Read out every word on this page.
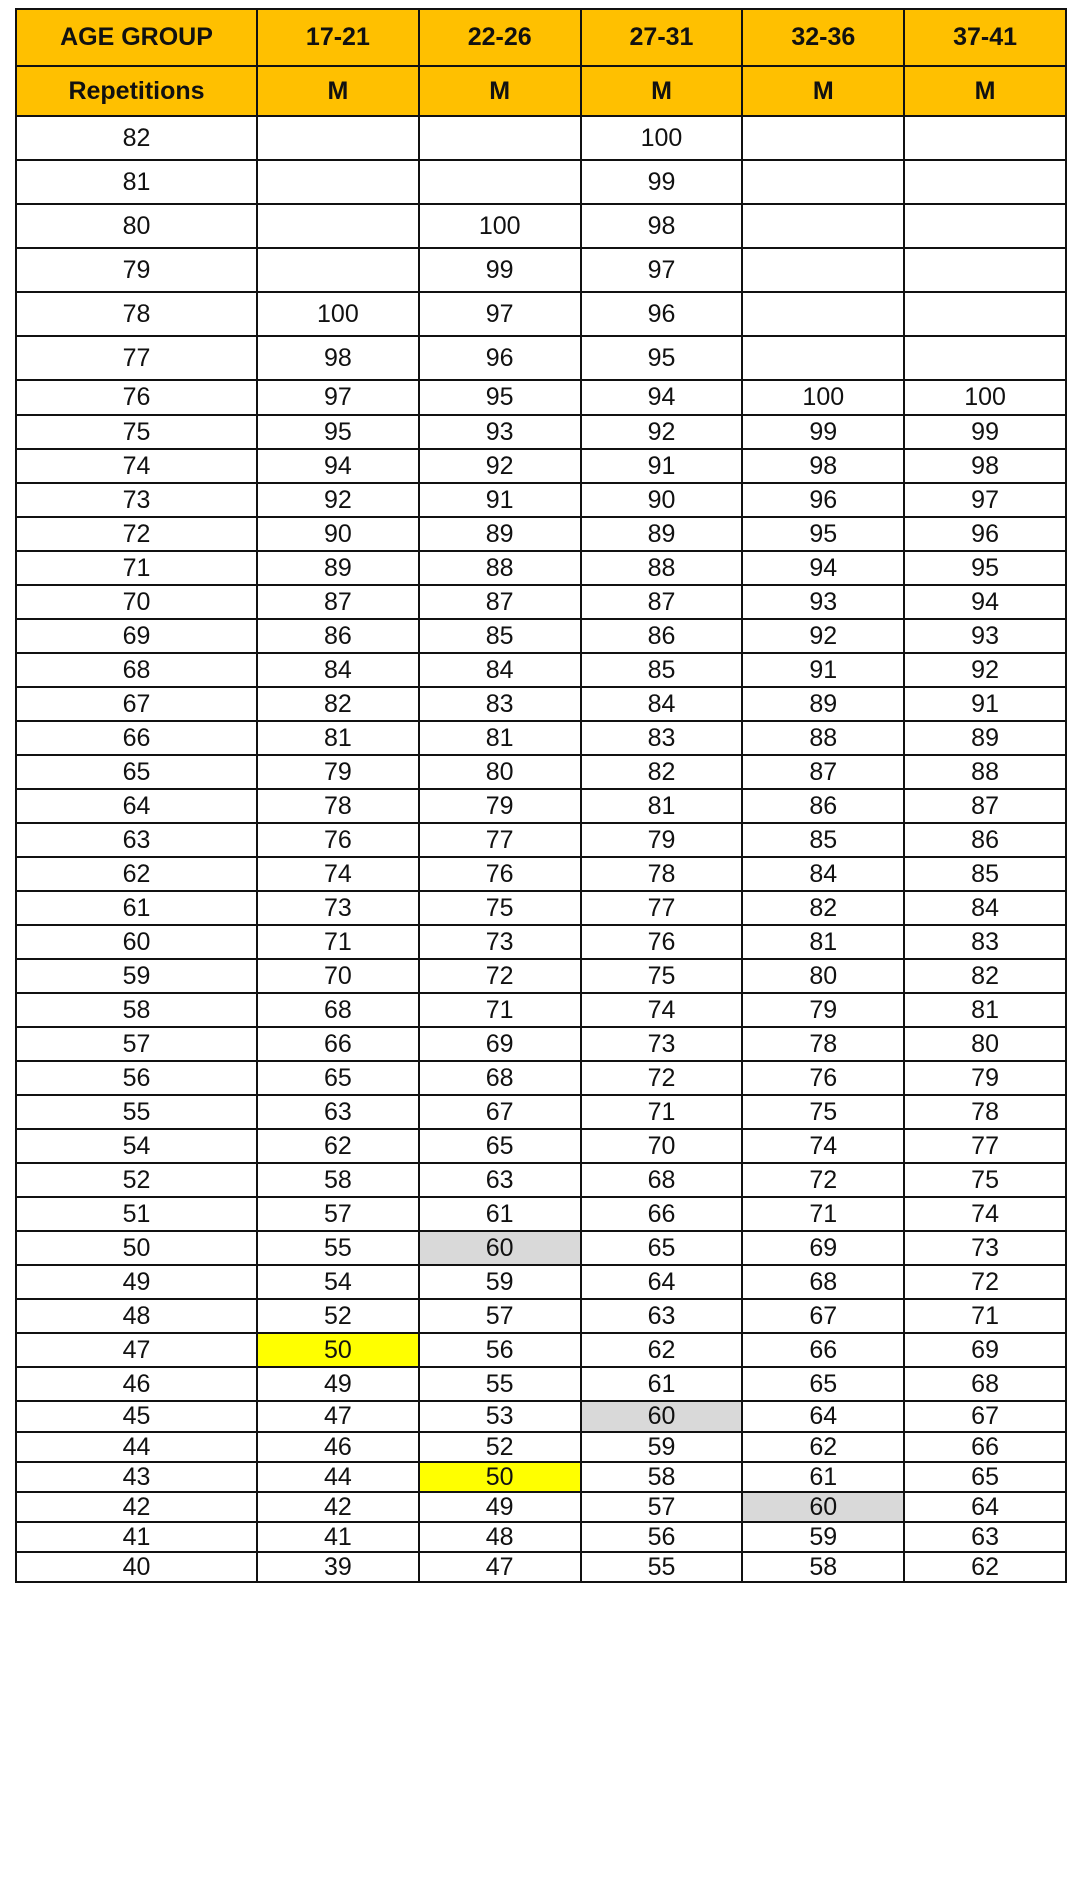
AGE GROUP	17-21	22-26	27-31	32-36	37-41
Repetitions	M	M	M	M	M
82			100		
81			99		
80		100	98		
79		99	97		
78	100	97	96		
77	98	96	95		
76	97	95	94	100	100
75	95	93	92	99	99
74	94	92	91	98	98
73	92	91	90	96	97
72	90	89	89	95	96
71	89	88	88	94	95
70	87	87	87	93	94
69	86	85	86	92	93
68	84	84	85	91	92
67	82	83	84	89	91
66	81	81	83	88	89
65	79	80	82	87	88
64	78	79	81	86	87
63	76	77	79	85	86
62	74	76	78	84	85
61	73	75	77	82	84
60	71	73	76	81	83
59	70	72	75	80	82
58	68	71	74	79	81
57	66	69	73	78	80
56	65	68	72	76	79
55	63	67	71	75	78
54	62	65	70	74	77
52	58	63	68	72	75
51	57	61	66	71	74
50	55	60	65	69	73
49	54	59	64	68	72
48	52	57	63	67	71
47	50	56	62	66	69
46	49	55	61	65	68
45	47	53	60	64	67
44	46	52	59	62	66
43	44	50	58	61	65
42	42	49	57	60	64
41	41	48	56	59	63
40	39	47	55	58	62
